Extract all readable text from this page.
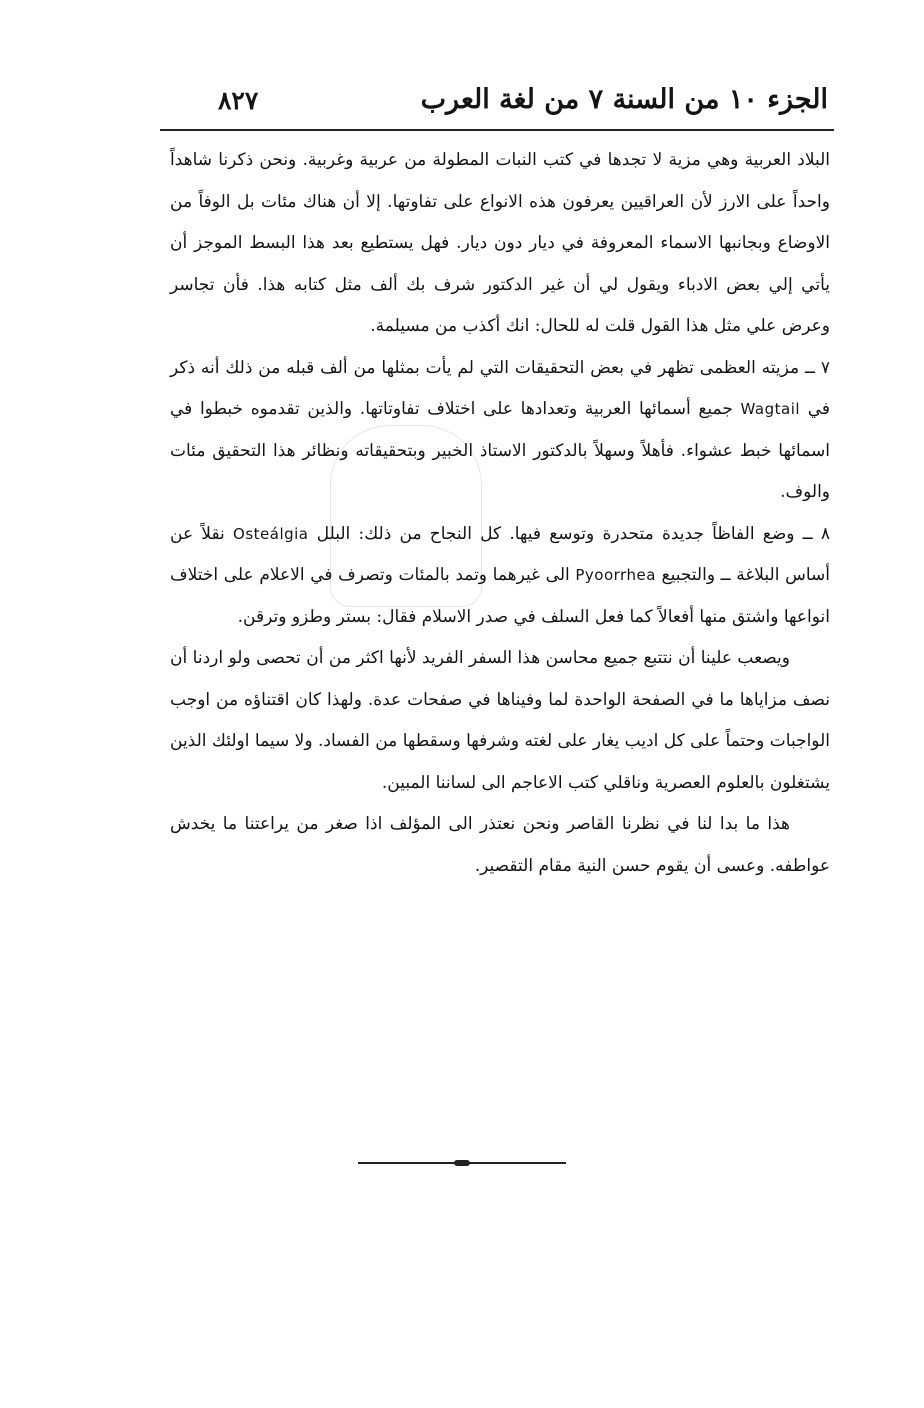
٨٢٧	الجزء ١٠ من السنة ٧ من لغة العرب

البلاد العربية وهي مزية لا تجدها في كتب النبات المطولة من عربية وغربية. ونحن ذكرنا شاهداً واحداً على الارز لأن العراقيين يعرفون هذه الانواع على تفاوتها. إلا أن هناك مئات بل الوفاً من الاوضاع وبجانبها الاسماء المعروفة في ديار دون ديار. فهل يستطيع بعد هذا البسط الموجز أن يأتي إلي بعض الادباء ويقول لي أن غير الدكتور شرف بك ألف مثل كتابه هذا. فأن تجاسر وعرض علي مثل هذا القول قلت له للحال: انك أكذب من مسيلمة.

٧ ــ مزيته العظمى تظهر في بعض التحقيقات التي لم يأت بمثلها من ألف قبله من ذلك أنه ذكر في Wagtail جميع أسمائها العربية وتعدادها على اختلاف تفاوتاتها. والذين تقدموه خبطوا في اسمائها خبط عشواء. فأهلاً وسهلاً بالدكتور الاستاذ الخبير وبتحقيقاته ونظائر هذا التحقيق مئات والوف.

٨ ــ وضع الفاظاً جديدة متحدرة وتوسع فيها. كل النجاح من ذلك: البلل Osteálgia نقلاً عن أساس البلاغة ــ والتجبيع Pyoorrhea الى غيرهما وتمد بالمئات وتصرف في الاعلام على اختلاف انواعها واشتق منها أفعالاً كما فعل السلف في صدر الاسلام فقال: بستر وطزو وترقن.

ويصعب علينا أن نتتبع جميع محاسن هذا السفر الفريد لأنها اكثر من أن تحصى ولو اردنا أن نصف مزاياها ما في الصفحة الواحدة لما وفيناها في صفحات عدة. ولهذا كان اقتناؤه من اوجب الواجبات وحتماً على كل اديب يغار على لغته وشرفها وسقطها من الفساد. ولا سيما اولئك الذين يشتغلون بالعلوم العصرية وناقلي كتب الاعاجم الى لساننا المبين.

هذا ما بدا لنا في نظرنا القاصر ونحن نعتذر الى المؤلف اذا صغر من يراعتنا ما يخدش عواطفه. وعسى أن يقوم حسن النية مقام التقصير.
